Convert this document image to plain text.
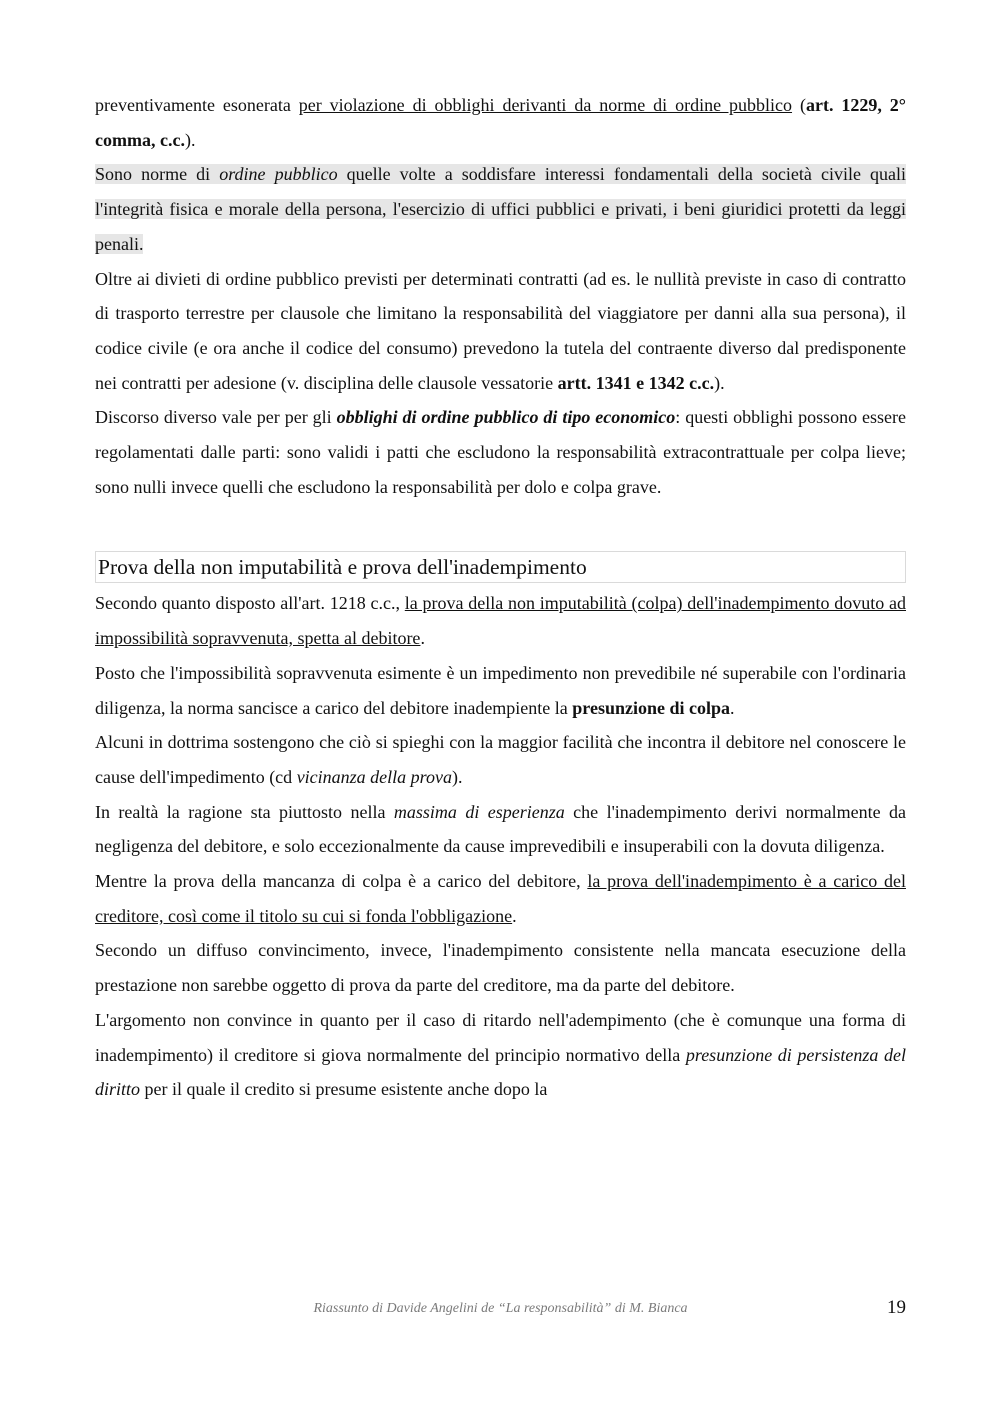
preventivamente esonerata per violazione di obblighi derivanti da norme di ordine pubblico (art. 1229, 2° comma, c.c.).

Sono norme di ordine pubblico quelle volte a soddisfare interessi fondamentali della società civile quali l'integrità fisica e morale della persona, l'esercizio di uffici pubblici e privati, i beni giuridici protetti da leggi penali.

Oltre ai divieti di ordine pubblico previsti per determinati contratti (ad es. le nullità previste in caso di contratto di trasporto terrestre per clausole che limitano la responsabilità del viaggiatore per danni alla sua persona), il codice civile (e ora anche il codice del consumo) prevedono la tutela del contraente diverso dal predisponente nei contratti per adesione (v. disciplina delle clausole vessatorie artt. 1341 e 1342 c.c.).

Discorso diverso vale per per gli obblighi di ordine pubblico di tipo economico: questi obblighi possono essere regolamentati dalle parti: sono validi i patti che escludono la responsabilità extracontrattuale per colpa lieve; sono nulli invece quelli che escludono la responsabilità per dolo e colpa grave.

Prova della non imputabilità e prova dell'inadempimento

Secondo quanto disposto all'art. 1218 c.c., la prova della non imputabilità (colpa) dell'inadempimento dovuto ad impossibilità sopravvenuta, spetta al debitore.

Posto che l'impossibilità sopravvenuta esimente è un impedimento non prevedibile né superabile con l'ordinaria diligenza, la norma sancisce a carico del debitore inadempiente la presunzione di colpa.

Alcuni in dottrima sostengono che ciò si spieghi con la maggior facilità che incontra il debitore nel conoscere le cause dell'impedimento (cd vicinanza della prova).

In realtà la ragione sta piuttosto nella massima di esperienza che l'inadempimento derivi normalmente da negligenza del debitore, e solo eccezionalmente da cause imprevedibili e insuperabili con la dovuta diligenza.

Mentre la prova della mancanza di colpa è a carico del debitore, la prova dell'inadempimento è a carico del creditore, così come il titolo su cui si fonda l'obbligazione.

Secondo un diffuso convincimento, invece, l'inadempimento consistente nella mancata esecuzione della prestazione non sarebbe oggetto di prova da parte del creditore, ma da parte del debitore.

L'argomento non convince in quanto per il caso di ritardo nell'adempimento (che è comunque una forma di inadempimento) il creditore si giova normalmente del principio normativo della presunzione di persistenza del diritto per il quale il credito si presume esistente anche dopo la

Riassunto di Davide Angelini de “La responsabilità” di M. Bianca	19
